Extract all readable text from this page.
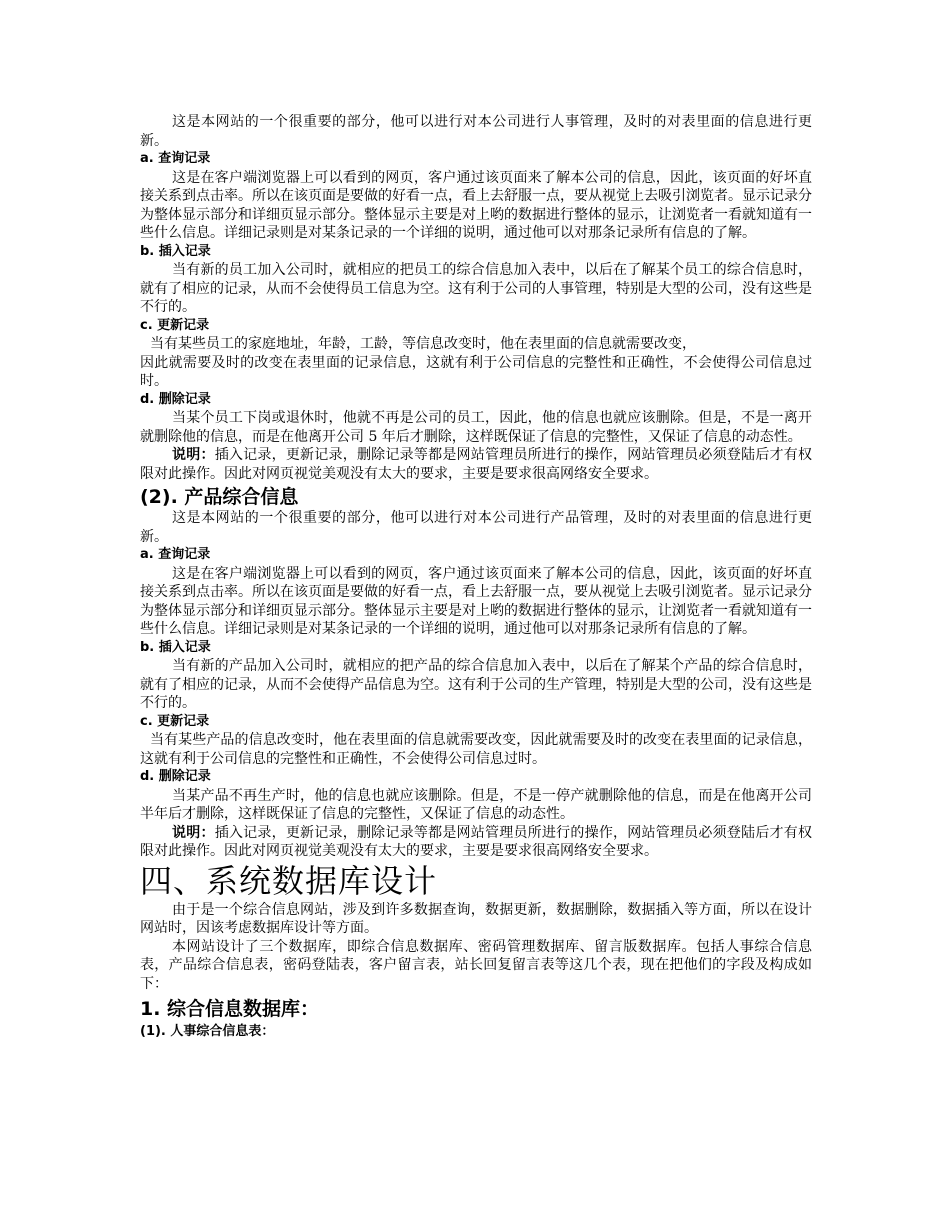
这是本网站的一个很重要的部分，他可以进行对本公司进行人事管理，及时的对表里面的信息进行更新。

a. 查询记录

这是在客户端浏览器上可以看到的网页，客户通过该页面来了解本公司的信息，因此，该页面的好坏直接关系到点击率。所以在该页面是要做的好看一点，看上去舒服一点，要从视觉上去吸引浏览者。显示记录分为整体显示部分和详细页显示部分。整体显示主要是对上哟的数据进行整体的显示，让浏览者一看就知道有一些什么信息。详细记录则是对某条记录的一个详细的说明，通过他可以对那条记录所有信息的了解。

b. 插入记录

当有新的员工加入公司时，就相应的把员工的综合信息加入表中，以后在了解某个员工的综合信息时，就有了相应的记录，从而不会使得员工信息为空。这有利于公司的人事管理，特别是大型的公司，没有这些是不行的。

c. 更新记录

当有某些员工的家庭地址，年龄，工龄，等信息改变时，他在表里面的信息就需要改变，

因此就需要及时的改变在表里面的记录信息，这就有利于公司信息的完整性和正确性，不会使得公司信息过时。

d. 删除记录

当某个员工下岗或退休时，他就不再是公司的员工，因此，他的信息也就应该删除。但是，不是一离开就删除他的信息，而是在他离开公司 5 年后才删除，这样既保证了信息的完整性，又保证了信息的动态性。

说明：插入记录，更新记录，删除记录等都是网站管理员所进行的操作，网站管理员必须登陆后才有权限对此操作。因此对网页视觉美观没有太大的要求，主要是要求很高网络安全要求。

(2). 产品综合信息

这是本网站的一个很重要的部分，他可以进行对本公司进行产品管理，及时的对表里面的信息进行更新。

a. 查询记录

这是在客户端浏览器上可以看到的网页，客户通过该页面来了解本公司的信息，因此，该页面的好坏直接关系到点击率。所以在该页面是要做的好看一点，看上去舒服一点，要从视觉上去吸引浏览者。显示记录分为整体显示部分和详细页显示部分。整体显示主要是对上哟的数据进行整体的显示，让浏览者一看就知道有一些什么信息。详细记录则是对某条记录的一个详细的说明，通过他可以对那条记录所有信息的了解。

b. 插入记录

当有新的产品加入公司时，就相应的把产品的综合信息加入表中，以后在了解某个产品的综合信息时，就有了相应的记录，从而不会使得产品信息为空。这有利于公司的生产管理，特别是大型的公司，没有这些是不行的。

c. 更新记录

当有某些产品的信息改变时，他在表里面的信息就需要改变，因此就需要及时的改变在表里面的记录信息，这就有利于公司信息的完整性和正确性，不会使得公司信息过时。

d. 删除记录

当某产品不再生产时，他的信息也就应该删除。但是，不是一停产就删除他的信息，而是在他离开公司 半年后才删除，这样既保证了信息的完整性，又保证了信息的动态性。

说明：插入记录，更新记录，删除记录等都是网站管理员所进行的操作，网站管理员必须登陆后才有权限对此操作。因此对网页视觉美观没有太大的要求，主要是要求很高网络安全要求。

四、系统数据库设计

由于是一个综合信息网站，涉及到许多数据查询，数据更新，数据删除，数据插入等方面，所以在设计网站时，因该考虑数据库设计等方面。

本网站设计了三个数据库，即综合信息数据库、密码管理数据库、留言版数据库。包括人事综合信息表，产品综合信息表，密码登陆表，客户留言表，站长回复留言表等这几个表，现在把他们的字段及构成如下：

1. 综合信息数据库：
(1). 人事综合信息表：
